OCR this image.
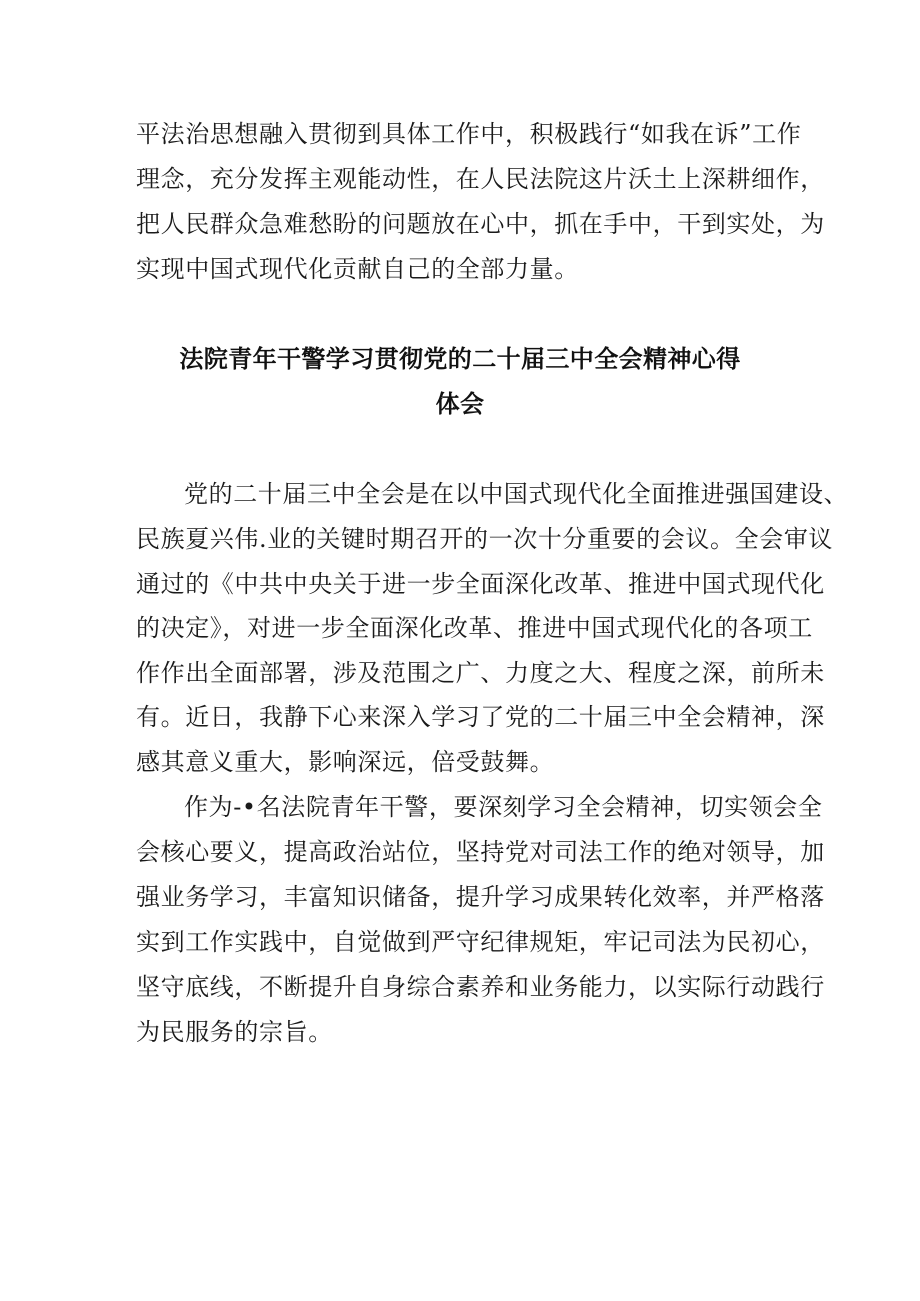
平法治思想融入贯彻到具体工作中，积极践行“如我在诉”工作
理念，充分发挥主观能动性，在人民法院这片沃土上深耕细作，
把人民群众急难愁盼的问题放在心中，抓在手中，干到实处，为
实现中国式现代化贡献自己的全部力量。
法院青年干警学习贯彻党的二十届三中全会精神心得
体会
党的二十届三中全会是在以中国式现代化全面推进强国建设、
民族夏兴伟.业的关键时期召开的一次十分重要的会议。全会审议
通过的《中共中央关于进一步全面深化改革、推进中国式现代化
的决定》，对进一步全面深化改革、推进中国式现代化的各项工
作作出全面部署，涉及范围之广、力度之大、程度之深，前所未
有。近日，我静下心来深入学习了党的二十届三中全会精神，深
感其意义重大，影响深远，倍受鼓舞。
作为-•名法院青年干警，要深刻学习全会精神，切实领会全
会核心要义，提高政治站位，坚持党对司法工作的绝对领导，加
强业务学习，丰富知识储备，提升学习成果转化效率，并严格落
实到工作实践中，自觉做到严守纪律规矩，牢记司法为民初心，
坚守底线，不断提升自身综合素养和业务能力，以实际行动践行
为民服务的宗旨。
